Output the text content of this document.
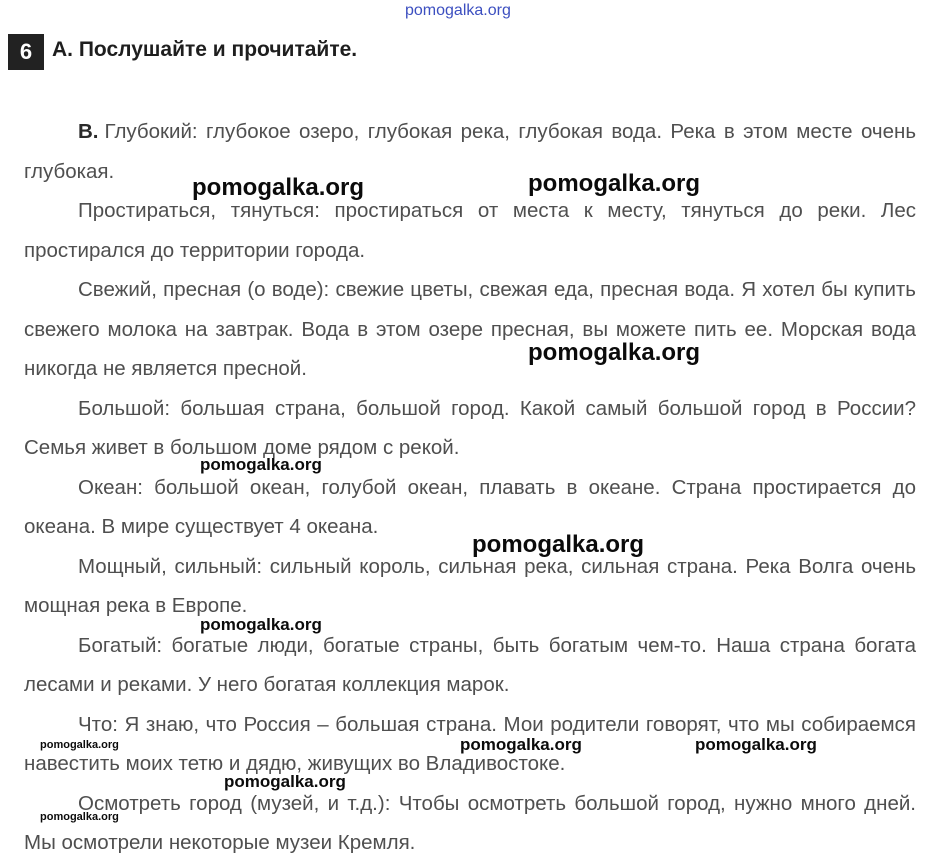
pomogalka.org
6 А. Послушайте и прочитайте.

В. Глубокий: глубокое озеро, глубокая река, глубокая вода. Река в этом месте очень глубокая.

Простираться, тянуться: простираться от места к месту, тянуться до реки. Лес простирался до территории города.

Свежий, пресная (о воде): свежие цветы, свежая еда, пресная вода. Я хотел бы купить свежего молока на завтрак. Вода в этом озере пресная, вы можете пить ее. Морская вода никогда не является пресной.

Большой: большая страна, большой город. Какой самый большой город в России? Семья живет в большом доме рядом с рекой.

Океан: большой океан, голубой океан, плавать в океане. Страна простирается до океана. В мире существует 4 океана.

Мощный, сильный: сильный король, сильная река, сильная страна. Река Волга очень мощная река в Европе.

Богатый: богатые люди, богатые страны, быть богатым чем-то. Наша страна богата лесами и реками. У него богатая коллекция марок.

Что: Я знаю, что Россия – большая страна. Мои родители говорят, что мы собираемся навестить моих тетю и дядю, живущих во Владивостоке.

Осмотреть город (музей, и т.д.): Чтобы осмотреть большой город, нужно много дней. Мы осмотрели некоторые музеи Кремля.

pomogalka.org	pomogalka.org
pomogalka.org
pomogalka.org
pomogalka.org
pomogalka.org
pomogalka.org	pomogalka.org	pomogalka.org
pomogalka.org
pomogalka.org
